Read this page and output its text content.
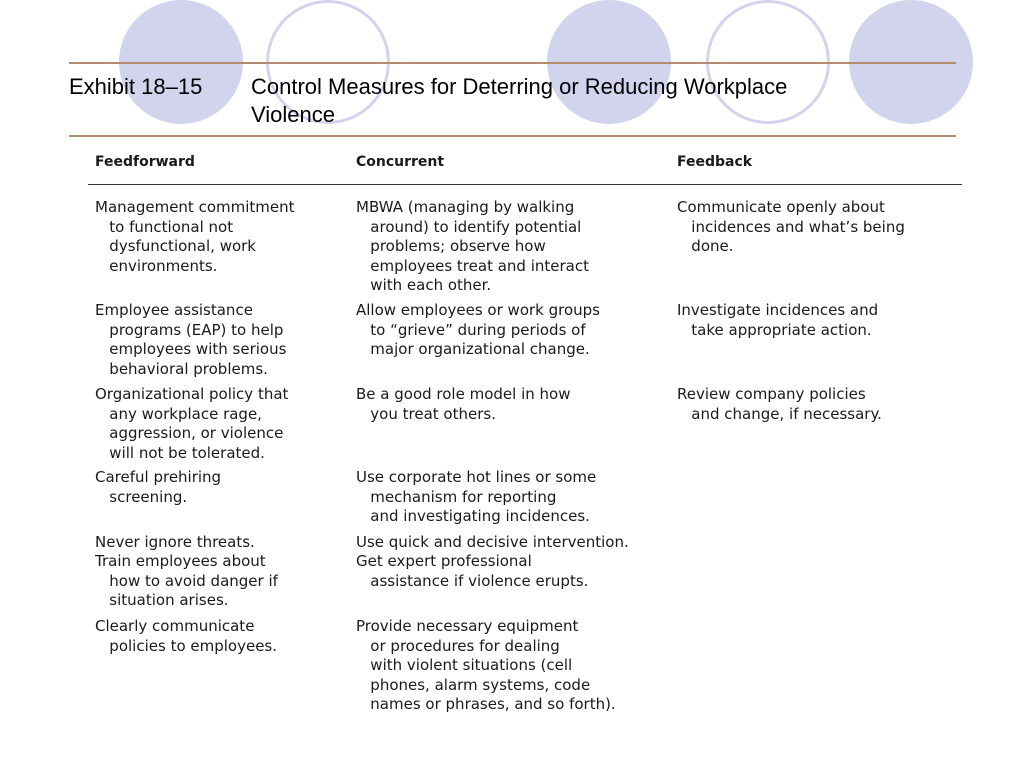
Exhibit 18–15 Control Measures for Deterring or Reducing Workplace Violence
Feedforward	Concurrent	Feedback
Management commitment
to functional not
dysfunctional, work
environments.
Employee assistance
programs (EAP) to help
employees with serious
behavioral problems.
Organizational policy that
any workplace rage,
aggression, or violence
will not be tolerated.
Careful prehiring
screening.
Never ignore threats.
Train employees about
how to avoid danger if
situation arises.
Clearly communicate
policies to employees.
MBWA (managing by walking
around) to identify potential
problems; observe how
employees treat and interact
with each other.
Allow employees or work groups
to “grieve” during periods of
major organizational change.
Be a good role model in how
you treat others.
Use corporate hot lines or some
mechanism for reporting
and investigating incidences.
Use quick and decisive intervention.
Get expert professional
assistance if violence erupts.
Provide necessary equipment
or procedures for dealing
with violent situations (cell
phones, alarm systems, code
names or phrases, and so forth).
Communicate openly about
incidences and what’s being
done.
Investigate incidences and
take appropriate action.
Review company policies
and change, if necessary.
